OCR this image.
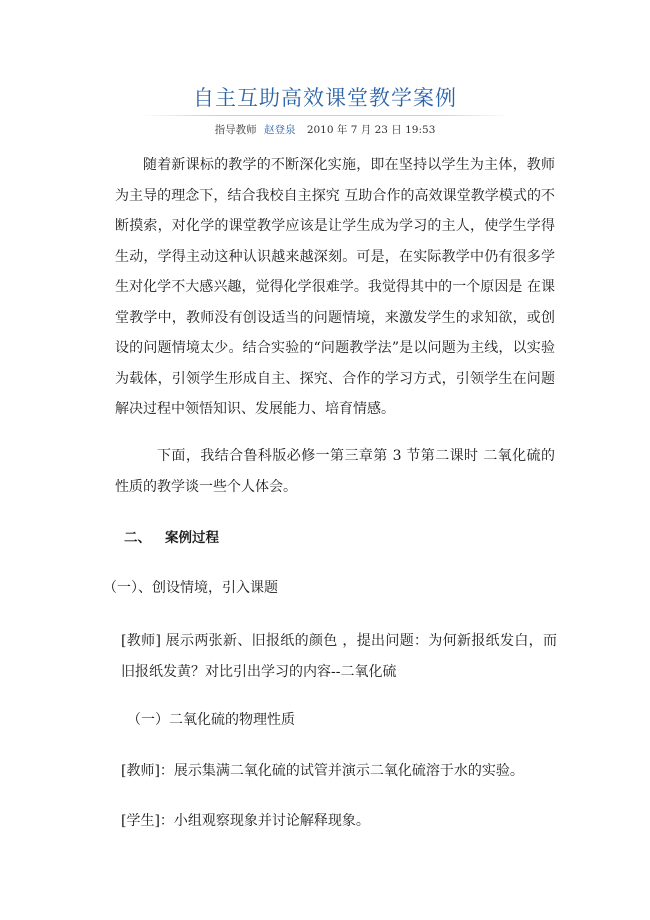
自主互助高效课堂教学案例
指导教师 赵登泉 2010 年 7 月 23 日 19:53
随着新课标的教学的不断深化实施，即在坚持以学生为主体，教师为主导的理念下，结合我校自主探究 互助合作的高效课堂教学模式的不断摸索，对化学的课堂教学应该是让学生成为学习的主人，使学生学得生动，学得主动这种认识越来越深刻。可是，在实际教学中仍有很多学生对化学不大感兴趣，觉得化学很难学。我觉得其中的一个原因是 在课堂教学中，教师没有创设适当的问题情境，来激发学生的求知欲，或创设的问题情境太少。结合实验的“问题教学法”是以问题为主线，以实验为载体，引领学生形成自主、探究、合作的学习方式，引领学生在问题解决过程中领悟知识、发展能力、培育情感。
下面，我结合鲁科版必修一第三章第 3 节第二课时 二氧化硫的性质的教学谈一些个人体会。
二、 案例过程
（一）、创设情境，引入课题
[教师] 展示两张新、旧报纸的颜色 ，提出问题：为何新报纸发白，而旧报纸发黄？对比引出学习的内容--二氧化硫
（一）二氧化硫的物理性质
[教师]：展示集满二氧化硫的试管并演示二氧化硫溶于水的实验。
[学生]：小组观察现象并讨论解释现象。
